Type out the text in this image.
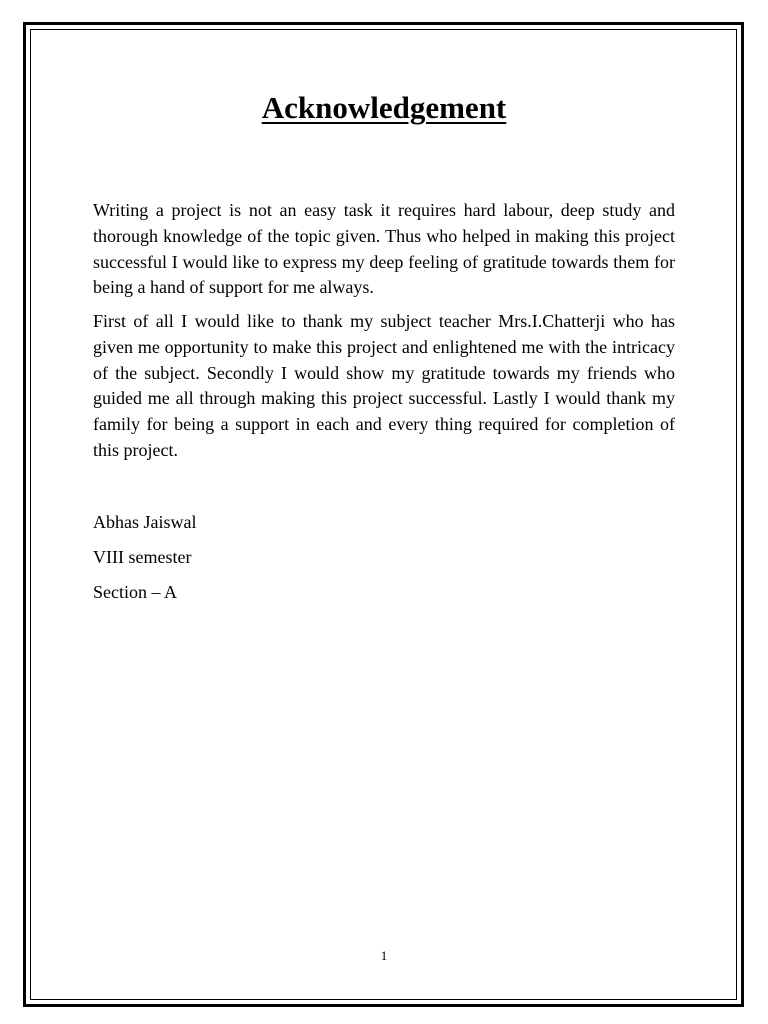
Acknowledgement

Writing a project is not an easy task it requires hard labour, deep study and thorough knowledge of the topic given. Thus who helped in making this project successful I would like to express my deep feeling of gratitude towards them for being a hand of support for me always.

First of all I would like to thank my subject teacher Mrs.I.Chatterji who has given me opportunity to make this project and enlightened me with the intricacy of the subject. Secondly I would show my gratitude towards my friends who guided me all through making this project successful. Lastly I would thank my family for being a support in each and every thing required for completion of this project.

Abhas Jaiswal

VIII semester

Section – A

1
